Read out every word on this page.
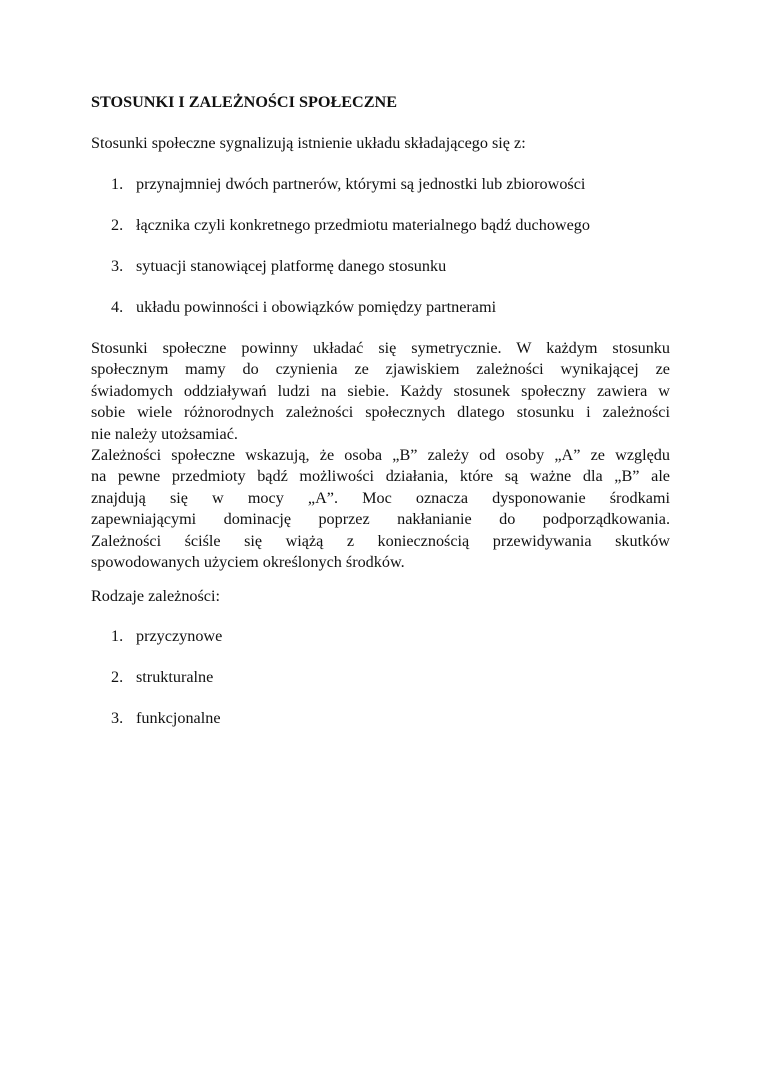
STOSUNKI I ZALEŻNOŚCI SPOŁECZNE

Stosunki społeczne sygnalizują istnienie układu składającego się z:

1. przynajmniej dwóch partnerów, którymi są jednostki lub zbiorowości
2. łącznika czyli konkretnego przedmiotu materialnego bądź duchowego
3. sytuacji stanowiącej platformę danego stosunku
4. układu powinności i obowiązków pomiędzy partnerami
Stosunki społeczne powinny układać się symetrycznie. W każdym stosunku
społecznym mamy do czynienia ze zjawiskiem zależności wynikającej ze
świadomych oddziaływań ludzi na siebie. Każdy stosunek społeczny zawiera w
sobie wiele różnorodnych zależności społecznych dlatego stosunku i zależności
nie należy utożsamiać.
Zależności społeczne wskazują, że osoba „B” zależy od osoby „A” ze względu
na pewne przedmioty bądź możliwości działania, które są ważne dla „B” ale
znajdują się w mocy „A”. Moc oznacza dysponowanie środkami
zapewniającymi dominację poprzez nakłanianie do podporządkowania.
Zależności ściśle się wiążą z koniecznością przewidywania skutków
spowodowanych użyciem określonych środków.

Rodzaje zależności:

1. przyczynowe
2. strukturalne
3. funkcjonalne
